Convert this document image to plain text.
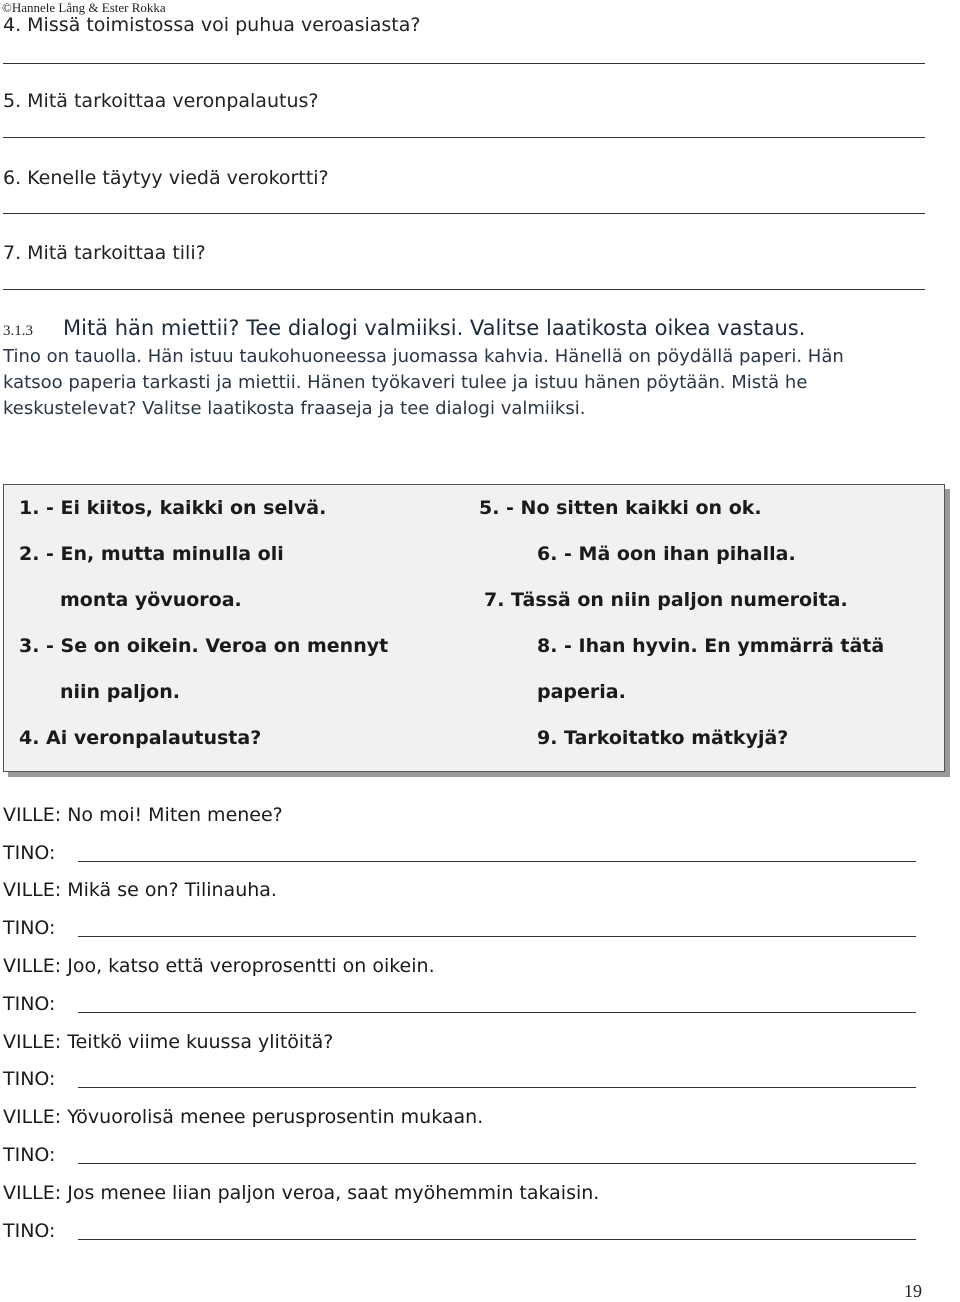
©Hannele Lång & Ester Rokka
4. Missä toimistossa voi puhua veroasiasta?
5. Mitä tarkoittaa veronpalautus?
6. Kenelle täytyy viedä verokortti?
7. Mitä tarkoittaa tili?
3.1.3 Mitä hän miettii? Tee dialogi valmiiksi. Valitse laatikosta oikea vastaus.
Tino on tauolla. Hän istuu taukohuoneessa juomassa kahvia. Hänellä on pöydällä paperi. Hän
katsoo paperia tarkasti ja miettii. Hänen työkaveri tulee ja istuu hänen pöytään. Mistä he
keskustelevat? Valitse laatikosta fraaseja ja tee dialogi valmiiksi.
1. - Ei kiitos, kaikki on selvä.
2. - En, mutta minulla oli
monta yövuoroa.
3. - Se on oikein. Veroa on mennyt
niin paljon.
4. Ai veronpalautusta?
5. - No sitten kaikki on ok.
6. - Mä oon ihan pihalla.
7. Tässä on niin paljon numeroita.
8. - Ihan hyvin. En ymmärrä tätä
paperia.
9. Tarkoitatko mätkyjä?
VILLE: No moi! Miten menee?
TINO:
VILLE: Mikä se on? Tilinauha.
TINO:
VILLE: Joo, katso että veroprosentti on oikein.
TINO:
VILLE: Teitkö viime kuussa ylitöitä?
TINO:
VILLE: Yövuorolisä menee perusprosentin mukaan.
TINO:
VILLE: Jos menee liian paljon veroa, saat myöhemmin takaisin.
TINO:
19
